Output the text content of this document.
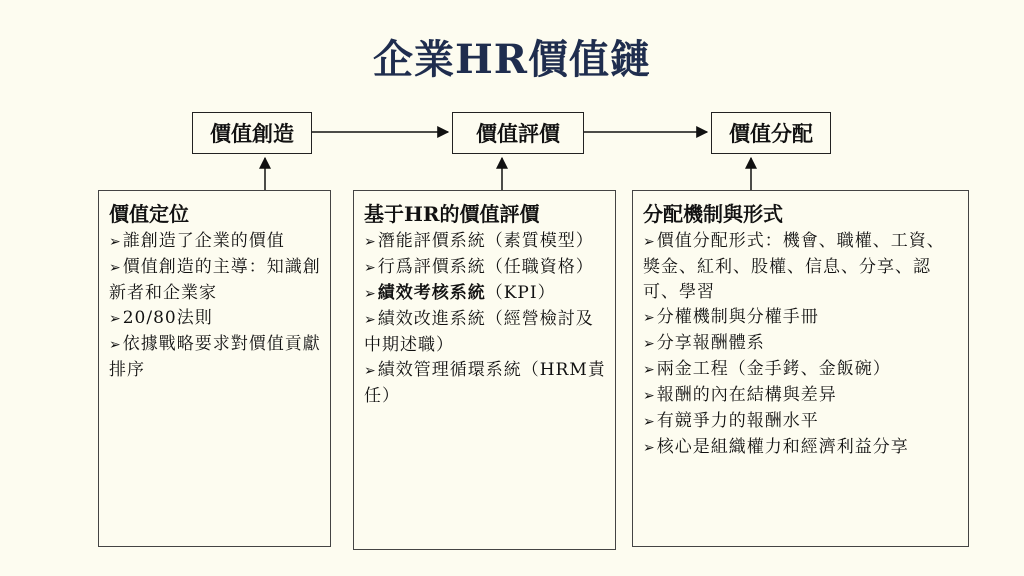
企業HR價值鏈
價值創造	價值評價	價值分配
價值定位
➢誰創造了企業的價值
➢價值創造的主導：知識創新者和企業家
➢20/80法則
➢依據戰略要求對價值貢獻排序
基于HR的價值評價
➢潛能評價系統（素質模型）
➢行爲評價系統（任職資格）
➢績效考核系統（KPI）
➢績效改進系統（經營檢討及中期述職）
➢績效管理循環系統（HRM責任）
分配機制與形式
➢價值分配形式：機會、職權、工資、獎金、紅利、股權、信息、分享、認可、學習
➢分權機制與分權手冊
➢分享報酬體系
➢兩金工程（金手銬、金飯碗）
➢報酬的內在結構與差异
➢有競爭力的報酬水平
➢核心是組織權力和經濟利益分享
